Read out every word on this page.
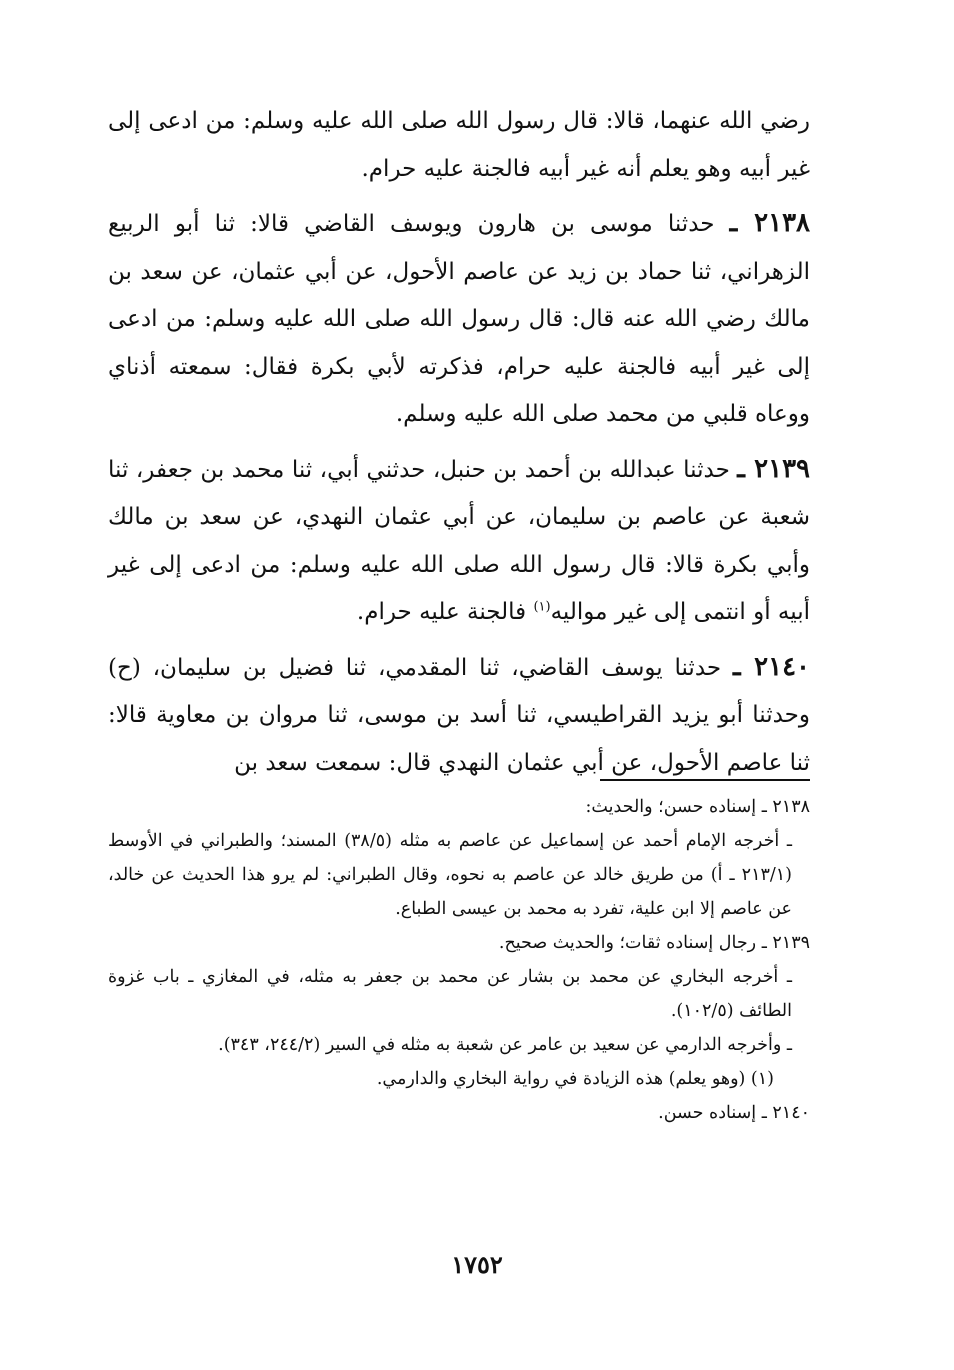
رضي الله عنهما، قالا: قال رسول الله صلى الله عليه وسلم: من ادعى إلى غير أبيه وهو يعلم أنه غير أبيه فالجنة عليه حرام.

٢١٣٨ ـ حدثنا موسى بن هارون ويوسف القاضي قالا: ثنا أبو الربيع الزهراني، ثنا حماد بن زيد عن عاصم الأحول، عن أبي عثمان، عن سعد بن مالك رضي الله عنه قال: قال رسول الله صلى الله عليه وسلم: من ادعى إلى غير أبيه فالجنة عليه حرام، فذكرته لأبي بكرة فقال: سمعته أذناي ووعاه قلبي من محمد صلى الله عليه وسلم.

٢١٣٩ ـ حدثنا عبدالله بن أحمد بن حنبل، حدثني أبي، ثنا محمد بن جعفر، ثنا شعبة عن عاصم بن سليمان، عن أبي عثمان النهدي، عن سعد بن مالك وأبي بكرة قالا: قال رسول الله صلى الله عليه وسلم: من ادعى إلى غير أبيه أو انتمى إلى غير مواليه$^{(١)}$ فالجنة عليه حرام.

٢١٤٠ ـ حدثنا يوسف القاضي، ثنا المقدمي، ثنا فضيل بن سليمان، (ح) وحدثنا أبو يزيد القراطيسي، ثنا أسد بن موسى، ثنا مروان بن معاوية قالا: ثنا عاصم الأحول، عن أبي عثمان النهدي قال: سمعت سعد بن

٢١٣٨ ـ إسناده حسن؛ والحديث:

ـ أخرجه الإمام أحمد عن إسماعيل عن عاصم به مثله (٣٨/٥) المسند؛ والطبراني في الأوسط (٢١٣/١ ـ أ) من طريق خالد عن عاصم به نحوه، وقال الطبراني: لم يرو هذا الحديث عن خالد، عن عاصم إلا ابن علية، تفرد به محمد بن عيسى الطباع.

٢١٣٩ ـ رجال إسناده ثقات؛ والحديث صحيح.

ـ أخرجه البخاري عن محمد بن بشار عن محمد بن جعفر به مثله، في المغازي ـ باب غزوة الطائف (١٠٢/٥).

ـ وأخرجه الدارمي عن سعيد بن عامر عن شعبة به مثله في السير (٢٤٤/٢، ٣٤٣).

(١) (وهو يعلم) هذه الزيادة في رواية البخاري والدارمي.

٢١٤٠ ـ إسناده حسن.

١٧٥٢
